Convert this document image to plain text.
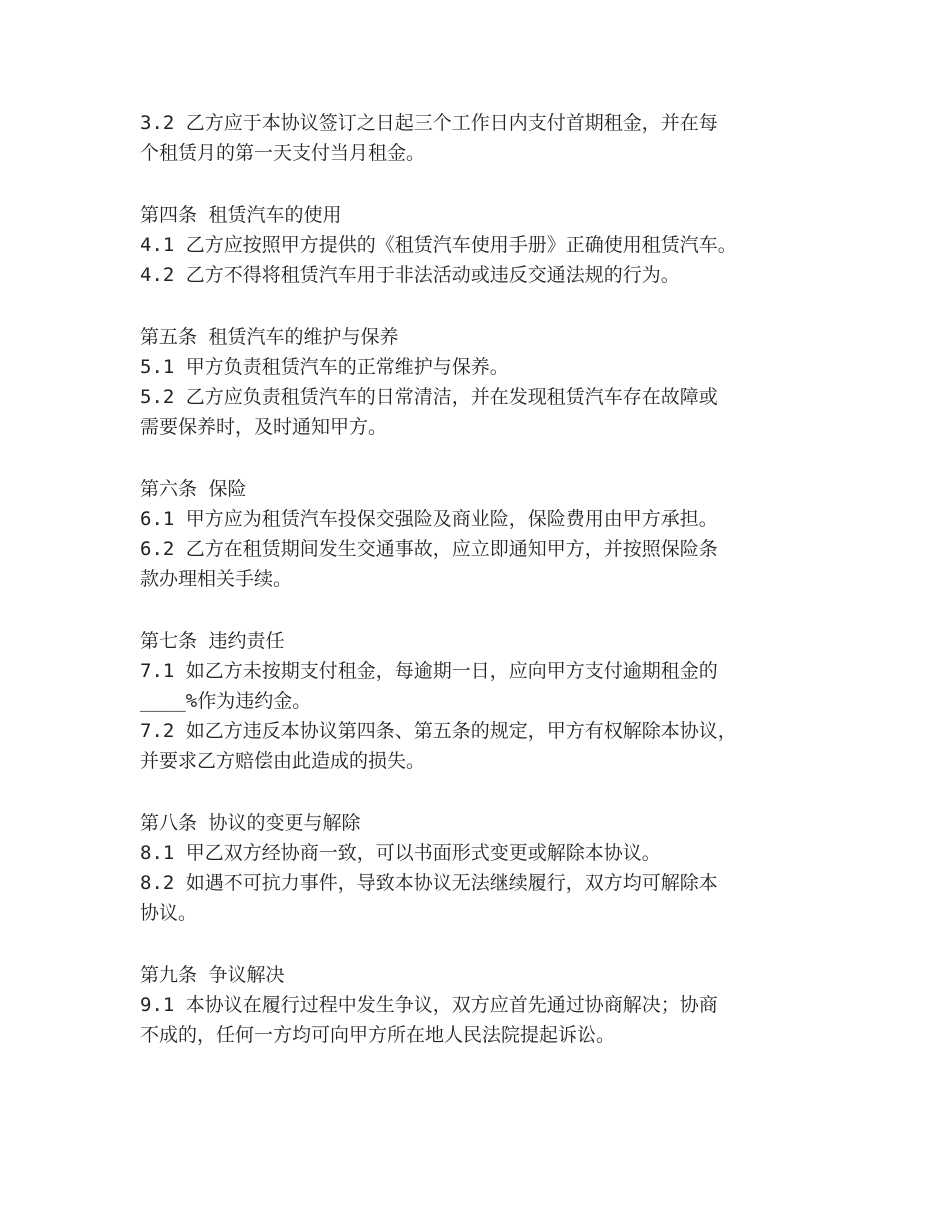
3.2 乙方应于本协议签订之日起三个工作日内支付首期租金，并在每
个租赁月的第一天支付当月租金。
第四条 租赁汽车的使用
4.1 乙方应按照甲方提供的《租赁汽车使用手册》正确使用租赁汽车。
4.2 乙方不得将租赁汽车用于非法活动或违反交通法规的行为。
第五条 租赁汽车的维护与保养
5.1 甲方负责租赁汽车的正常维护与保养。
5.2 乙方应负责租赁汽车的日常清洁，并在发现租赁汽车存在故障或
需要保养时，及时通知甲方。
第六条 保险
6.1 甲方应为租赁汽车投保交强险及商业险，保险费用由甲方承担。
6.2 乙方在租赁期间发生交通事故，应立即通知甲方，并按照保险条
款办理相关手续。
第七条 违约责任
7.1 如乙方未按期支付租金，每逾期一日，应向甲方支付逾期租金的
____%作为违约金。
7.2 如乙方违反本协议第四条、第五条的规定，甲方有权解除本协议，
并要求乙方赔偿由此造成的损失。
第八条 协议的变更与解除
8.1 甲乙双方经协商一致，可以书面形式变更或解除本协议。
8.2 如遇不可抗力事件，导致本协议无法继续履行，双方均可解除本
协议。
第九条 争议解决
9.1 本协议在履行过程中发生争议，双方应首先通过协商解决；协商
不成的，任何一方均可向甲方所在地人民法院提起诉讼。
